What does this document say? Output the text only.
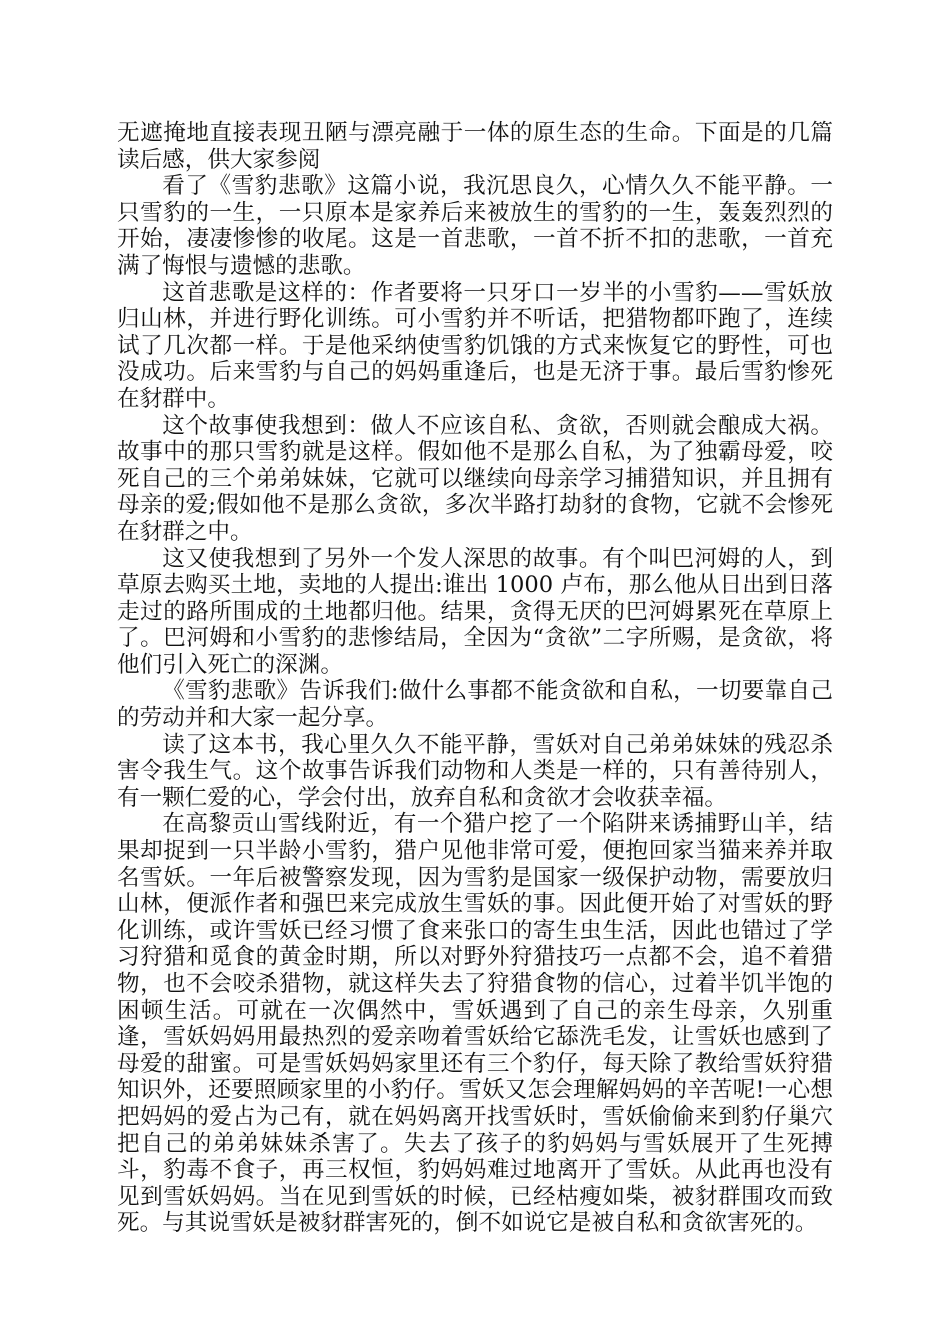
无遮掩地直接表现丑陋与漂亮融于一体的原生态的生命。下面是的几篇读后感，供大家参阅

看了《雪豹悲歌》这篇小说，我沉思良久，心情久久不能平静。一只雪豹的一生，一只原本是家养后来被放生的雪豹的一生，轰轰烈烈的开始，凄凄惨惨的收尾。这是一首悲歌，一首不折不扣的悲歌，一首充满了悔恨与遗憾的悲歌。

这首悲歌是这样的：作者要将一只牙口一岁半的小雪豹——雪妖放归山林，并进行野化训练。可小雪豹并不听话，把猎物都吓跑了，连续试了几次都一样。于是他采纳使雪豹饥饿的方式来恢复它的野性，可也没成功。后来雪豹与自己的妈妈重逢后，也是无济于事。最后雪豹惨死在豺群中。

这个故事使我想到：做人不应该自私、贪欲，否则就会酿成大祸。故事中的那只雪豹就是这样。假如他不是那么自私，为了独霸母爱，咬死自己的三个弟弟妹妹，它就可以继续向母亲学习捕猎知识，并且拥有母亲的爱;假如他不是那么贪欲，多次半路打劫豺的食物，它就不会惨死在豺群之中。

这又使我想到了另外一个发人深思的故事。有个叫巴河姆的人，到草原去购买土地，卖地的人提出:谁出 1000 卢布，那么他从日出到日落走过的路所围成的土地都归他。结果，贪得无厌的巴河姆累死在草原上了。巴河姆和小雪豹的悲惨结局，全因为“贪欲”二字所赐，是贪欲，将他们引入死亡的深渊。

《雪豹悲歌》告诉我们:做什么事都不能贪欲和自私，一切要靠自己的劳动并和大家一起分享。

读了这本书，我心里久久不能平静，雪妖对自己弟弟妹妹的残忍杀害令我生气。这个故事告诉我们动物和人类是一样的，只有善待别人，有一颗仁爱的心，学会付出，放弃自私和贪欲才会收获幸福。

在高黎贡山雪线附近，有一个猎户挖了一个陷阱来诱捕野山羊，结果却捉到一只半龄小雪豹，猎户见他非常可爱，便抱回家当猫来养并取名雪妖。一年后被警察发现，因为雪豹是国家一级保护动物，需要放归山林，便派作者和强巴来完成放生雪妖的事。因此便开始了对雪妖的野化训练，或许雪妖已经习惯了食来张口的寄生虫生活，因此也错过了学习狩猎和觅食的黄金时期，所以对野外狩猎技巧一点都不会，追不着猎物，也不会咬杀猎物，就这样失去了狩猎食物的信心，过着半饥半饱的困顿生活。可就在一次偶然中，雪妖遇到了自己的亲生母亲，久别重逢，雪妖妈妈用最热烈的爱亲吻着雪妖给它舔洗毛发，让雪妖也感到了母爱的甜蜜。可是雪妖妈妈家里还有三个豹仔，每天除了教给雪妖狩猎知识外，还要照顾家里的小豹仔。雪妖又怎会理解妈妈的辛苦呢!一心想把妈妈的爱占为己有，就在妈妈离开找雪妖时，雪妖偷偷来到豹仔巢穴把自己的弟弟妹妹杀害了。失去了孩子的豹妈妈与雪妖展开了生死搏斗，豹毒不食子，再三权恒，豹妈妈难过地离开了雪妖。从此再也没有见到雪妖妈妈。当在见到雪妖的时候，已经枯瘦如柴，被豺群围攻而致死。与其说雪妖是被豺群害死的，倒不如说它是被自私和贪欲害死的。
